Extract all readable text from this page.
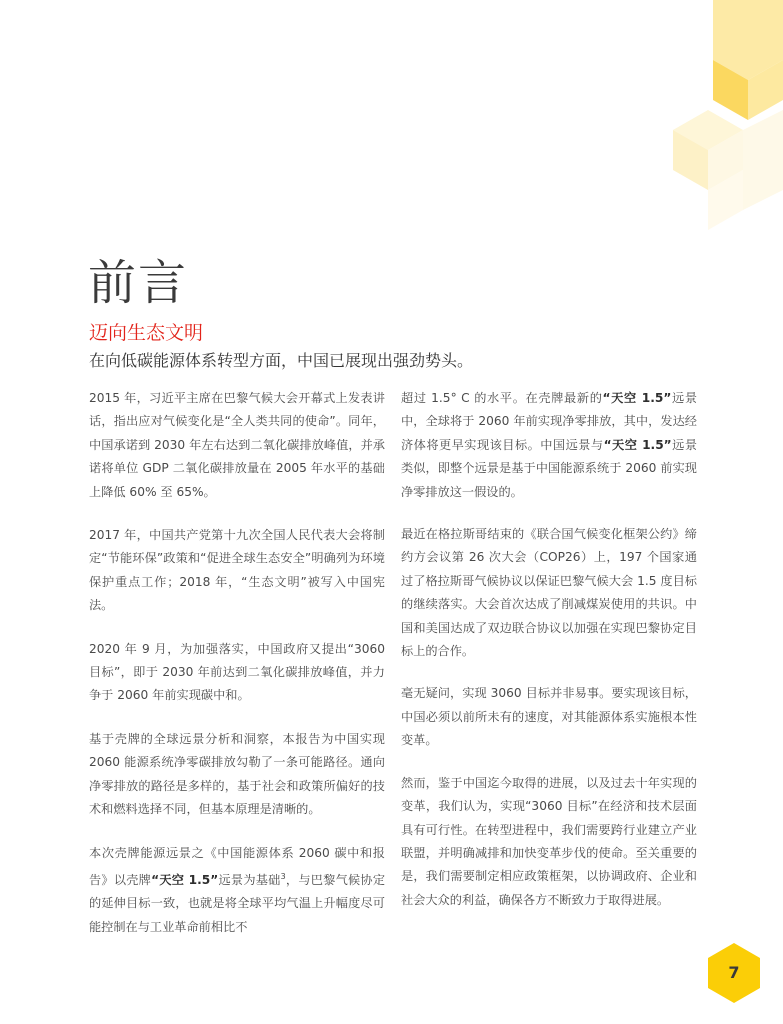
前言
迈向生态文明

在向低碳能源体系转型方面，中国已展现出强劲势头。

2015 年，习近平主席在巴黎气候大会开幕式上发表讲话，指出应对气候变化是“全人类共同的使命”。同年，中国承诺到 2030 年左右达到二氧化碳排放峰值，并承诺将单位 GDP 二氧化碳排放量在 2005 年水平的基础上降低 60% 至 65%。

2017 年，中国共产党第十九次全国人民代表大会将制定“节能环保”政策和“促进全球生态安全”明确列为环境保护重点工作；2018 年，“生态文明”被写入中国宪法。

2020 年 9 月，为加强落实，中国政府又提出“3060 目标”，即于 2030 年前达到二氧化碳排放峰值，并力争于 2060 年前实现碳中和。

基于壳牌的全球远景分析和洞察，本报告为中国实现 2060 能源系统净零碳排放勾勒了一条可能路径。通向净零排放的路径是多样的，基于社会和政策所偏好的技术和燃料选择不同，但基本原理是清晰的。

本次壳牌能源远景之《中国能源体系 2060 碳中和报告》以壳牌“天空 1.5”远景为基础$^3$，与巴黎气候协定的延伸目标一致，也就是将全球平均气温上升幅度尽可能控制在与工业革命前相比不

超过 1.5° C 的水平。在壳牌最新的“天空 1.5”远景中，全球将于 2060 年前实现净零排放，其中，发达经济体将更早实现该目标。中国远景与“天空 1.5”远景类似，即整个远景是基于中国能源系统于 2060 前实现净零排放这一假设的。

最近在格拉斯哥结束的《联合国气候变化框架公约》缔约方会议第 26 次大会（COP26）上，197 个国家通过了格拉斯哥气候协议以保证巴黎气候大会 1.5 度目标的继续落实。大会首次达成了削减煤炭使用的共识。中国和美国达成了双边联合协议以加强在实现巴黎协定目标上的合作。

毫无疑问，实现 3060 目标并非易事。要实现该目标，中国必须以前所未有的速度，对其能源体系实施根本性变革。

然而，鉴于中国迄今取得的进展，以及过去十年实现的变革，我们认为，实现“3060 目标”在经济和技术层面具有可行性。在转型进程中，我们需要跨行业建立产业联盟，并明确减排和加快变革步伐的使命。至关重要的是，我们需要制定相应政策框架，以协调政府、企业和社会大众的利益，确保各方不断致力于取得进展。

7
